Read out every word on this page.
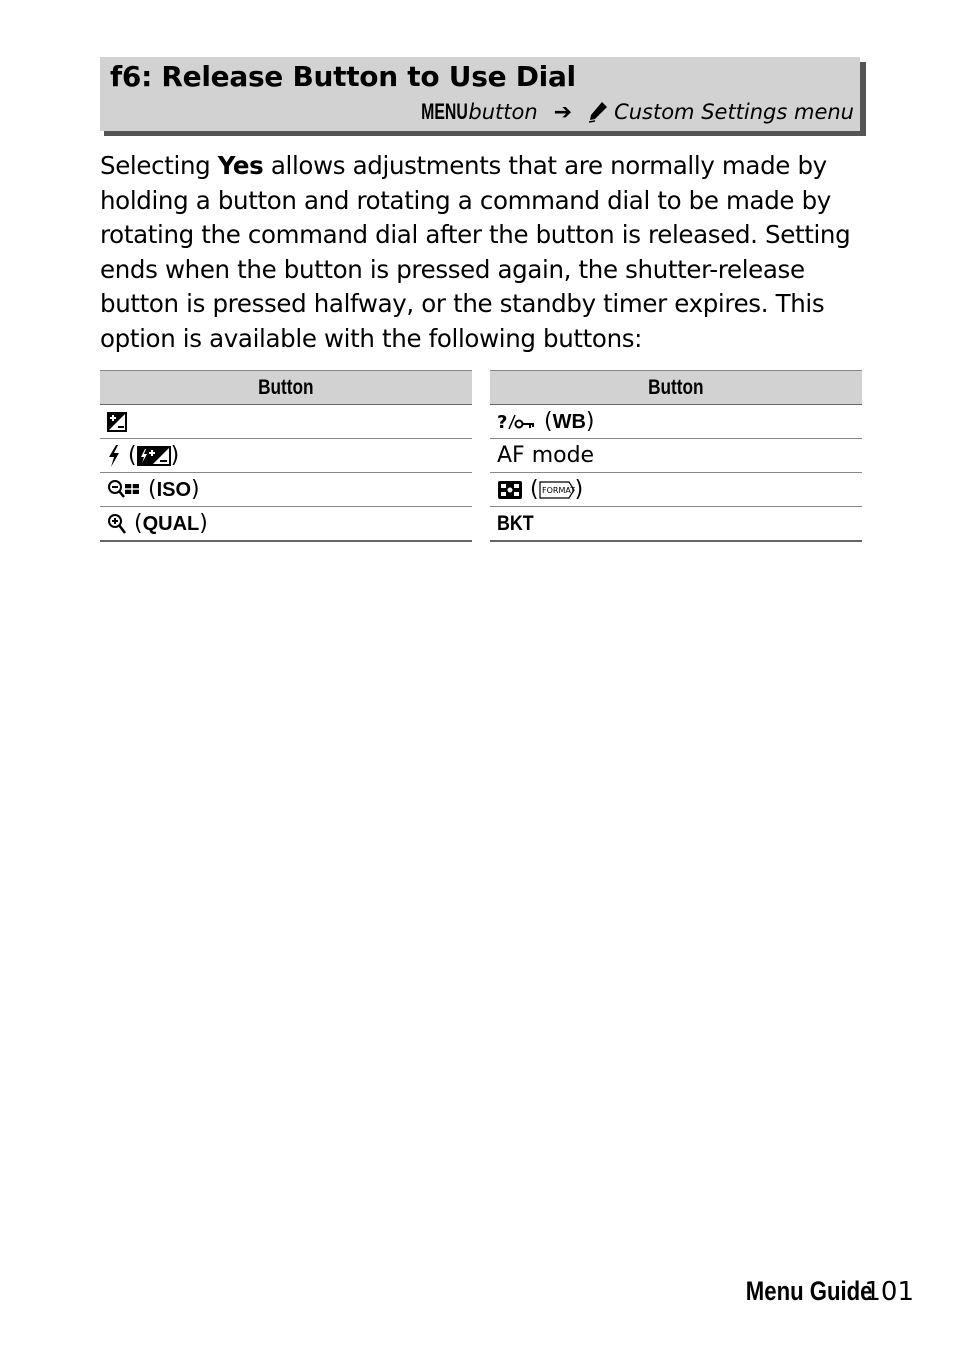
f6: Release Button to Use Dial
MENU button ➔ Custom Settings menu
Selecting Yes allows adjustments that are normally made by holding a button and rotating a command dial to be made by rotating the command dial after the button is released. Setting ends when the button is pressed again, the shutter-release button is pressed halfway, or the standby timer expires. This option is available with the following buttons:
Button

( )
(ISO)
(QUAL)
Button

? (WB)
AF mode
( FORMAT )
BKT
Menu Guide
101
